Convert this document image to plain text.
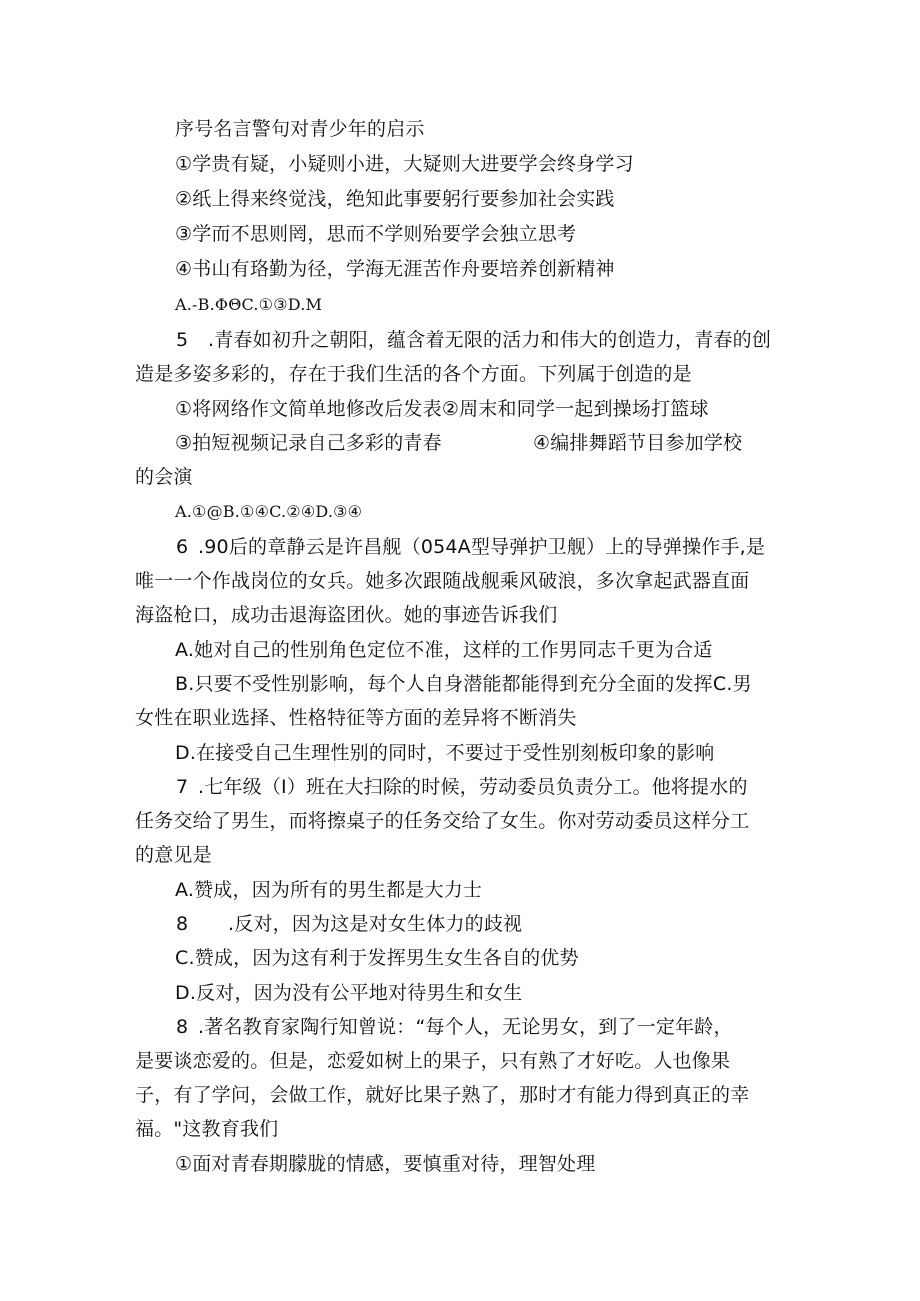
序号名言警句对青少年的启示
①学贵有疑，小疑则小进，大疑则大进要学会终身学习
②纸上得来终觉浅，绝知此事要躬行要参加社会实践
③学而不思则罔，思而不学则殆要学会独立思考
④书山有珞勤为径，学海无涯苦作舟要培养创新精神
A.-B.ΦΘC.①③D.M
5 .青春如初升之朝阳，蕴含着无限的活力和伟大的创造力，青春的创
造是多姿多彩的，存在于我们生活的各个方面。下列属于创造的是
①将网络作文简单地修改后发表②周末和同学一起到操场打篮球
③拍短视频记录自己多彩的青春	④编排舞蹈节目参加学校
的会演
A.①@B.①④C.②④D.③④
6 .90后的章静云是许昌舰（054A型导弹护卫舰）上的导弹操作手,是
唯一一个作战岗位的女兵。她多次跟随战舰乘风破浪，多次拿起武器直面
海盗枪口，成功击退海盗团伙。她的事迹告诉我们
A.她对自己的性别角色定位不准，这样的工作男同志千更为合适
B.只要不受性别影响，每个人自身潜能都能得到充分全面的发挥C.男
女性在职业选择、性格特征等方面的差异将不断消失
D.在接受自己生理性别的同时，不要过于受性别刻板印象的影响
7 .七年级（I）班在大扫除的时候，劳动委员负责分工。他将提水的
任务交给了男生，而将擦桌子的任务交给了女生。你对劳动委员这样分工
的意见是
A.赞成，因为所有的男生都是大力士
8 .反对，因为这是对女生体力的歧视
C.赞成，因为这有利于发挥男生女生各自的优势
D.反对，因为没有公平地对待男生和女生
8 .著名教育家陶行知曾说：“每个人，无论男女，到了一定年龄，
是要谈恋爱的。但是，恋爱如树上的果子，只有熟了才好吃。人也像果
子，有了学问，会做工作，就好比果子熟了，那时才有能力得到真正的幸
福。"这教育我们
①面对青春期朦胧的情感，要慎重对待，理智处理
